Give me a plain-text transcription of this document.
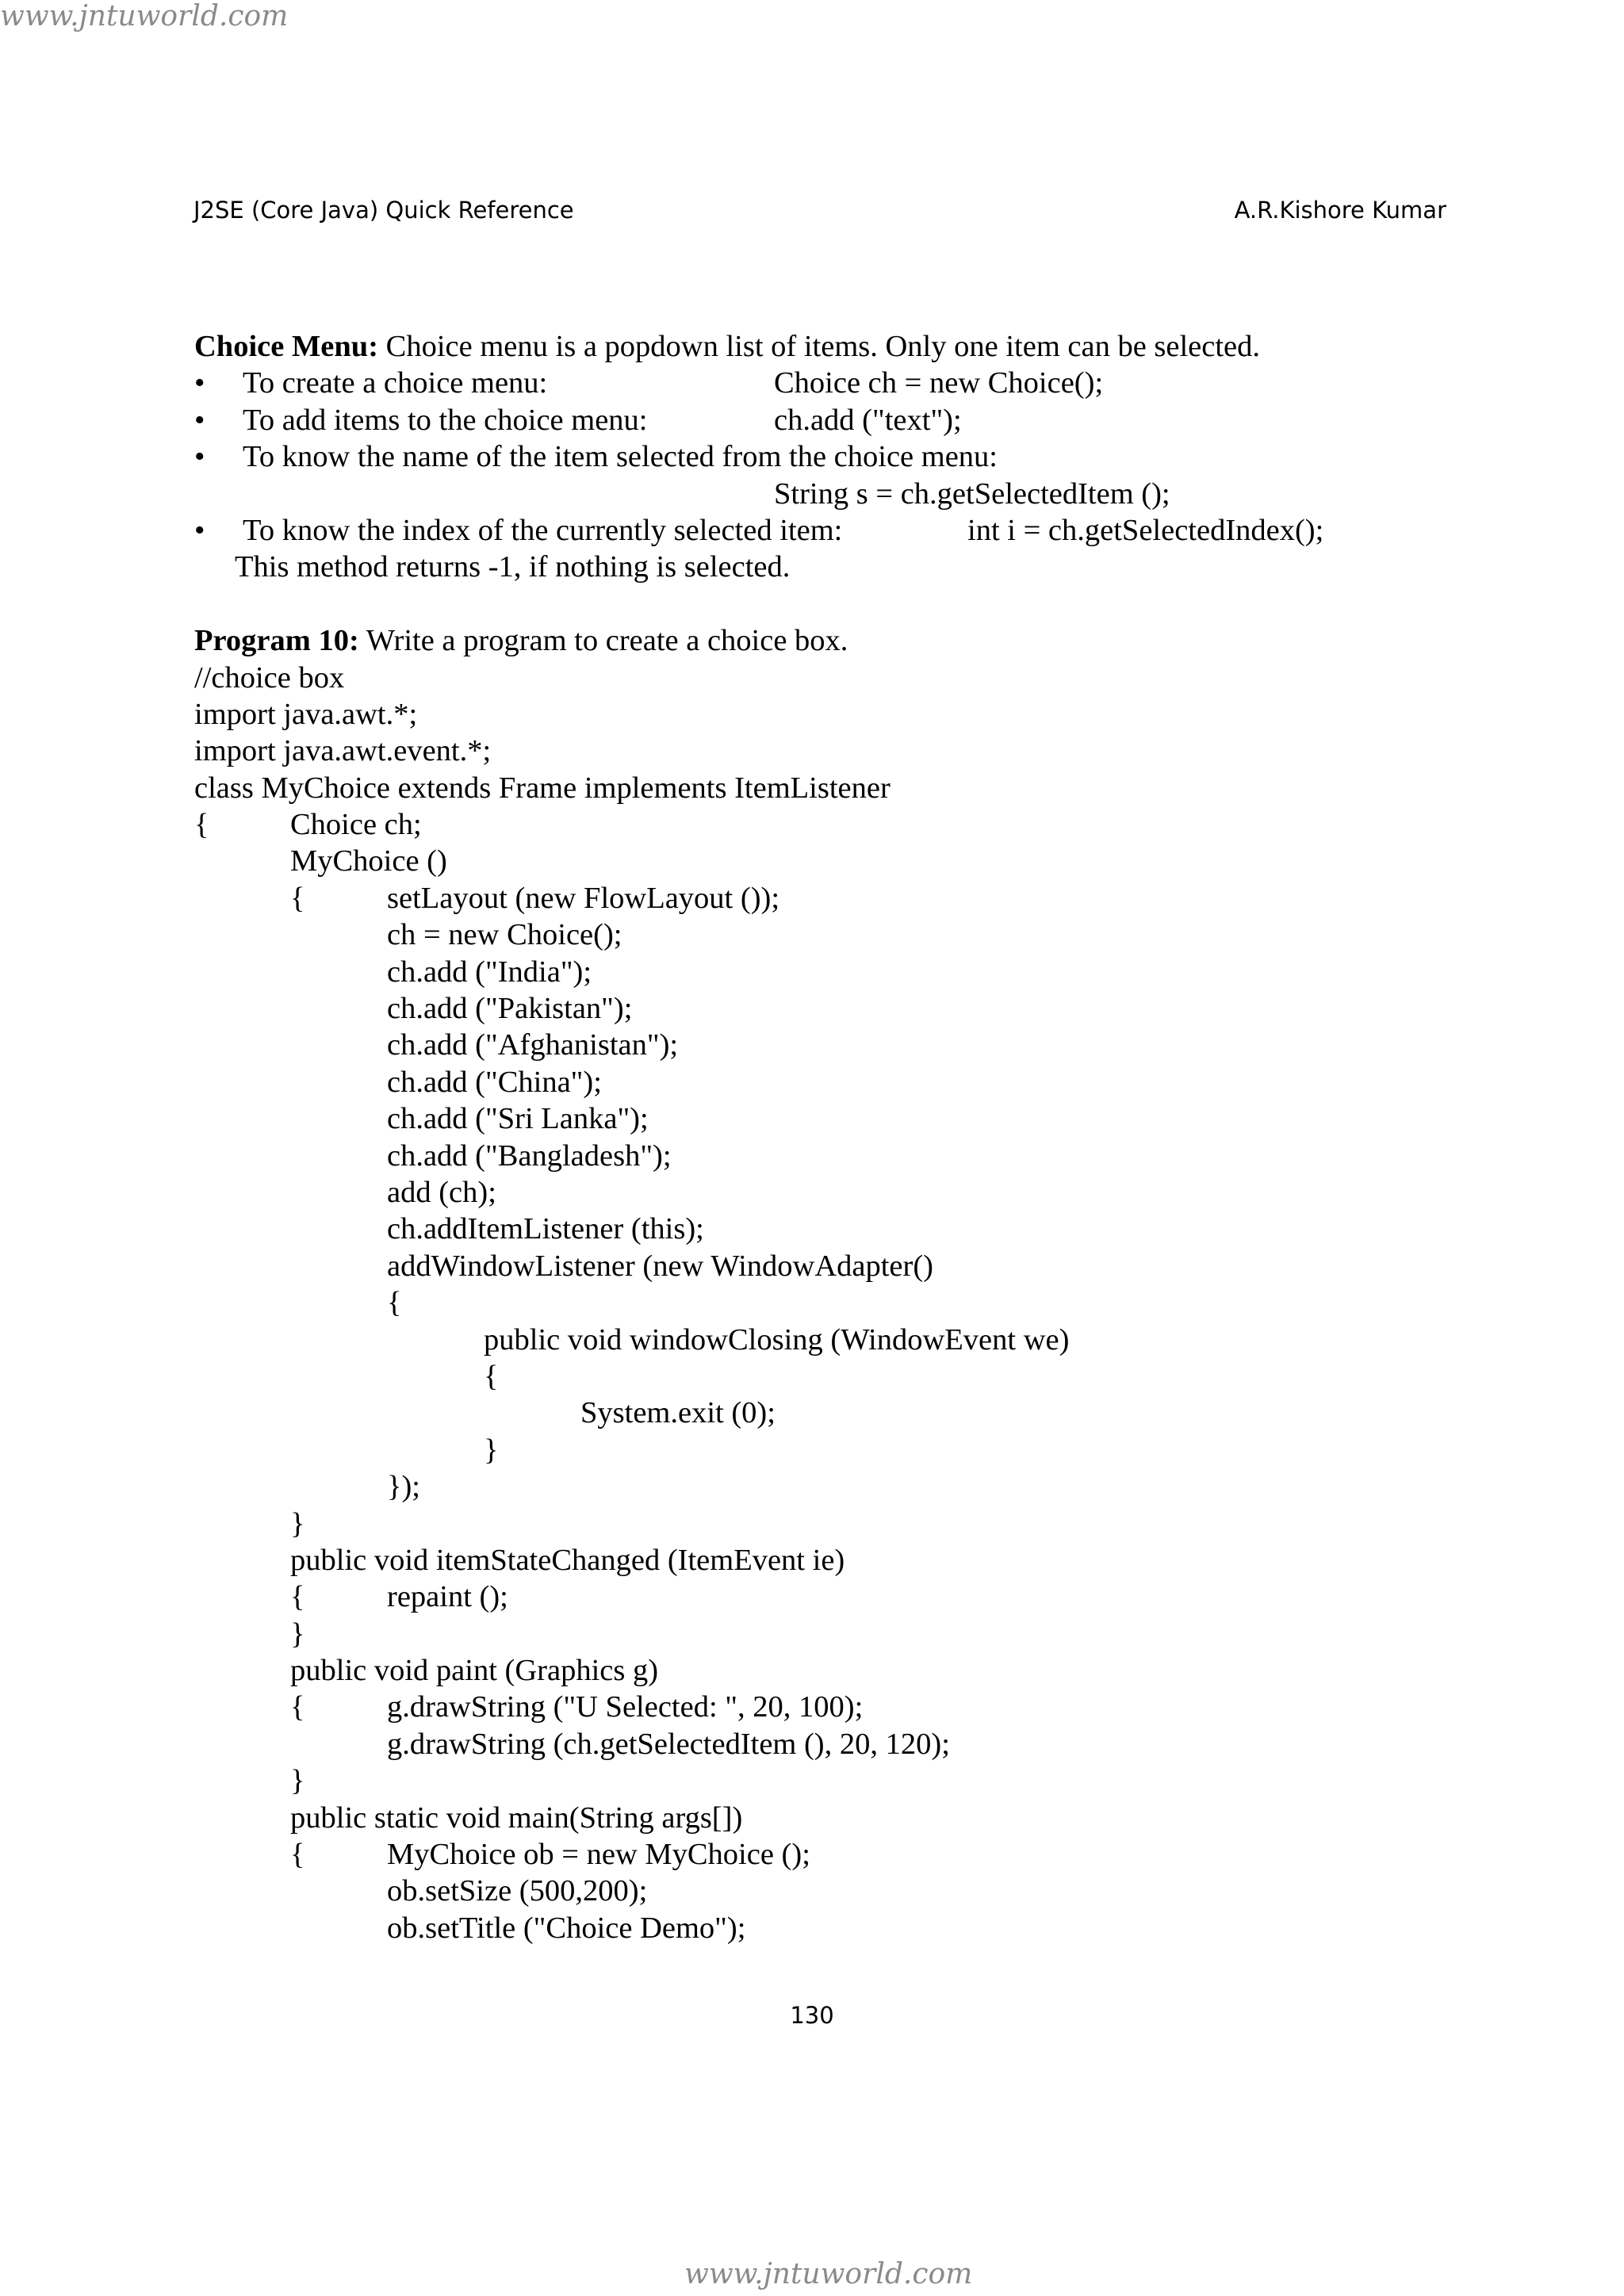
www.jntuworld.com
J2SE (Core Java) Quick Reference	A.R.Kishore Kumar
Choice Menu: Choice menu is a popdown list of items. Only one item can be selected.
•	To create a choice menu:	Choice ch = new Choice();
•	To add items to the choice menu:	ch.add ("text");
•	To know the name of the item selected from the choice menu:
String s = ch.getSelectedItem ();
•	To know the index of the currently selected item:	int i = ch.getSelectedIndex();
This method returns -1, if nothing is selected.
Program 10: Write a program to create a choice box.
//choice box
import java.awt.*;
import java.awt.event.*;
class MyChoice extends Frame implements ItemListener
{	Choice ch;
MyChoice ()
{	setLayout (new FlowLayout ());
ch = new Choice();
ch.add ("India");
ch.add ("Pakistan");
ch.add ("Afghanistan");
ch.add ("China");
ch.add ("Sri Lanka");
ch.add ("Bangladesh");
add (ch);
ch.addItemListener (this);
addWindowListener (new WindowAdapter()
{
public void windowClosing (WindowEvent we)
{
System.exit (0);
}
});
}
public void itemStateChanged (ItemEvent ie)
{	repaint ();
}
public void paint (Graphics g)
{	g.drawString ("U Selected: ", 20, 100);
g.drawString (ch.getSelectedItem (), 20, 120);
}
public static void main(String args[])
{	MyChoice ob = new MyChoice ();
ob.setSize (500,200);
ob.setTitle ("Choice Demo");
130
www.jntuworld.com
